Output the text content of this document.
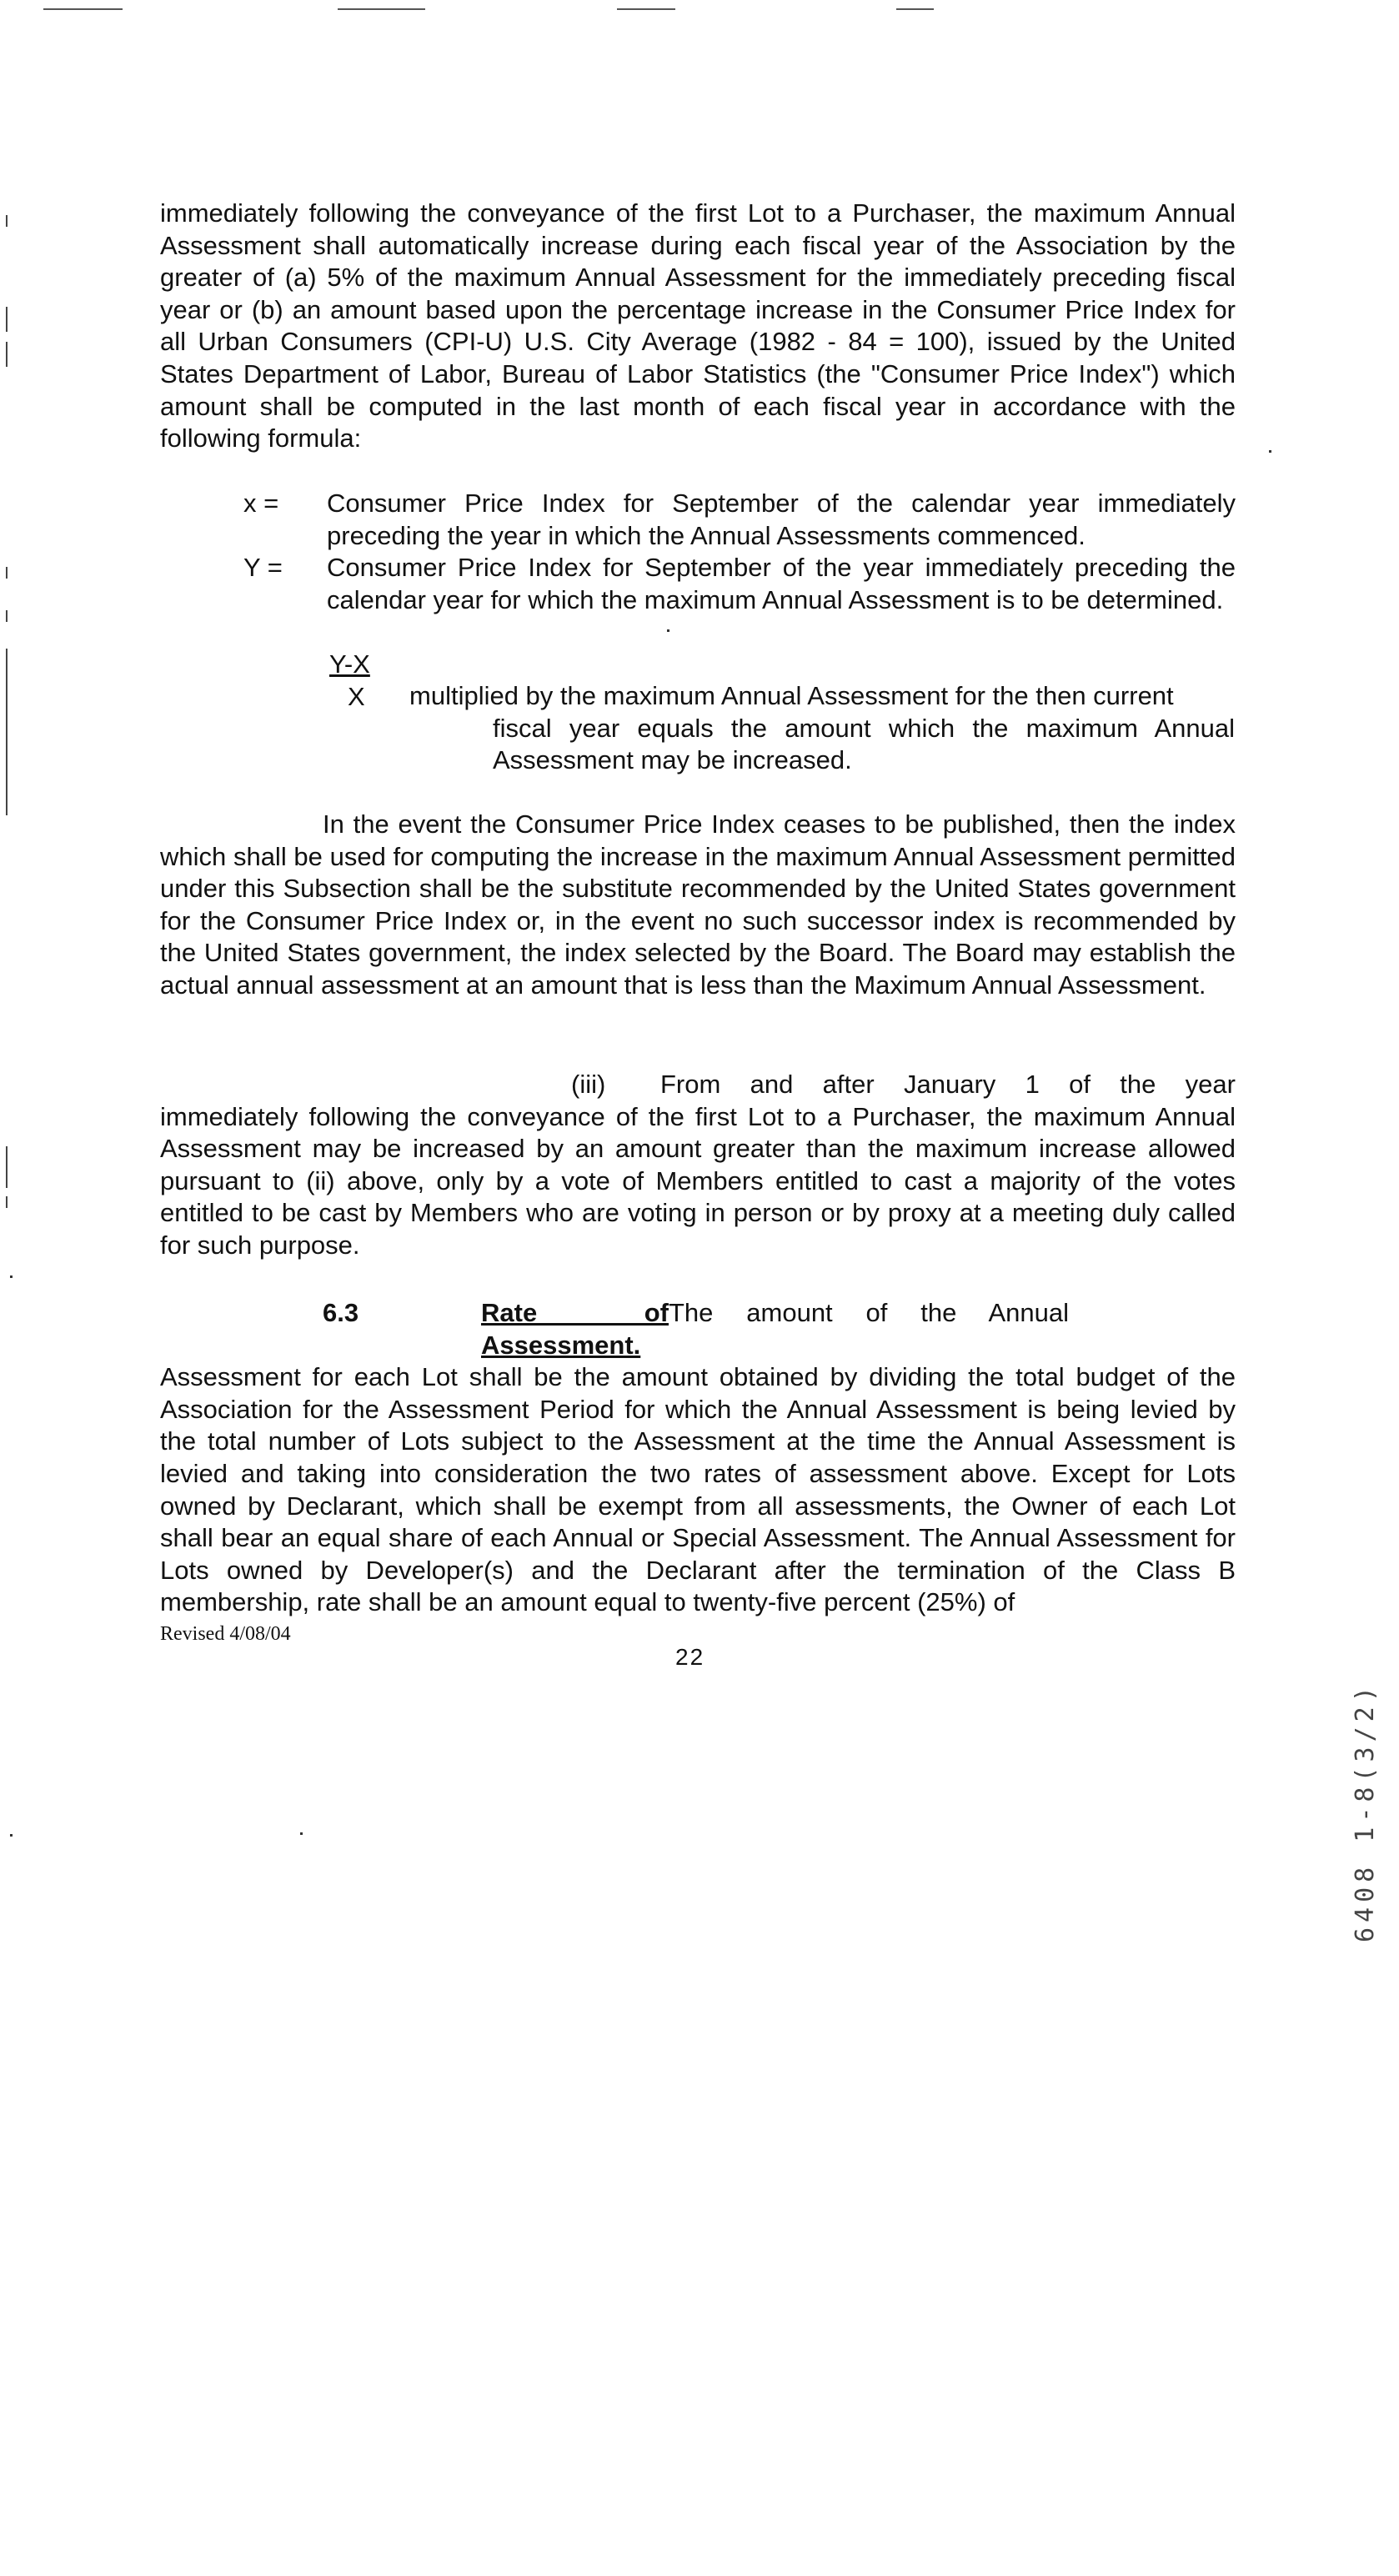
immediately following the conveyance of the first Lot to a Purchaser, the maximum Annual Assessment shall automatically increase during each fiscal year of the Association by the greater of (a) 5% of the maximum Annual Assessment for the immediately preceding fiscal year or (b) an amount based upon the percentage increase in the Consumer Price Index for all Urban Consumers (CPI-U) U.S. City Average (1982 - 84 = 100), issued by the United States Department of Labor, Bureau of Labor Statistics (the "Consumer Price Index") which amount shall be computed in the last month of each fiscal year in accordance with the following formula:
x = Consumer Price Index for September of the calendar year immediately preceding the year in which the Annual Assessments commenced.
Y = Consumer Price Index for September of the year immediately preceding the calendar year for which the maximum Annual Assessment is to be determined.
$\frac{Y-X}{X}$
multiplied by the maximum Annual Assessment for the then current
fiscal year equals the amount which the maximum Annual Assessment may be increased.
In the event the Consumer Price Index ceases to be published, then the index which shall be used for computing the increase in the maximum Annual Assessment permitted under this Subsection shall be the substitute recommended by the United States government for the Consumer Price Index or, in the event no such successor index is recommended by the United States government, the index selected by the Board. The Board may establish the actual annual assessment at an amount that is less than the Maximum Annual Assessment.
(iii) From and after January 1 of the year
immediately following the conveyance of the first Lot to a Purchaser, the maximum Annual Assessment may be increased by an amount greater than the maximum increase allowed pursuant to (ii) above, only by a vote of Members entitled to cast a majority of the votes entitled to be cast by Members who are voting in person or by proxy at a meeting duly called for such purpose.
6.3	Rate of Assessment.
The amount of the Annual
Assessment for each Lot shall be the amount obtained by dividing the total budget of the Association for the Assessment Period for which the Annual Assessment is being levied by the total number of Lots subject to the Assessment at the time the Annual Assessment is levied and taking into consideration the two rates of assessment above. Except for Lots owned by Declarant, which shall be exempt from all assessments, the Owner of each Lot shall bear an equal share of each Annual or Special Assessment. The Annual Assessment for Lots owned by Developer(s) and the Declarant after the termination of the Class B membership, rate shall be an amount equal to twenty-five percent (25%) of
Revised 4/08/04
22
6408 1-8(3/2)
